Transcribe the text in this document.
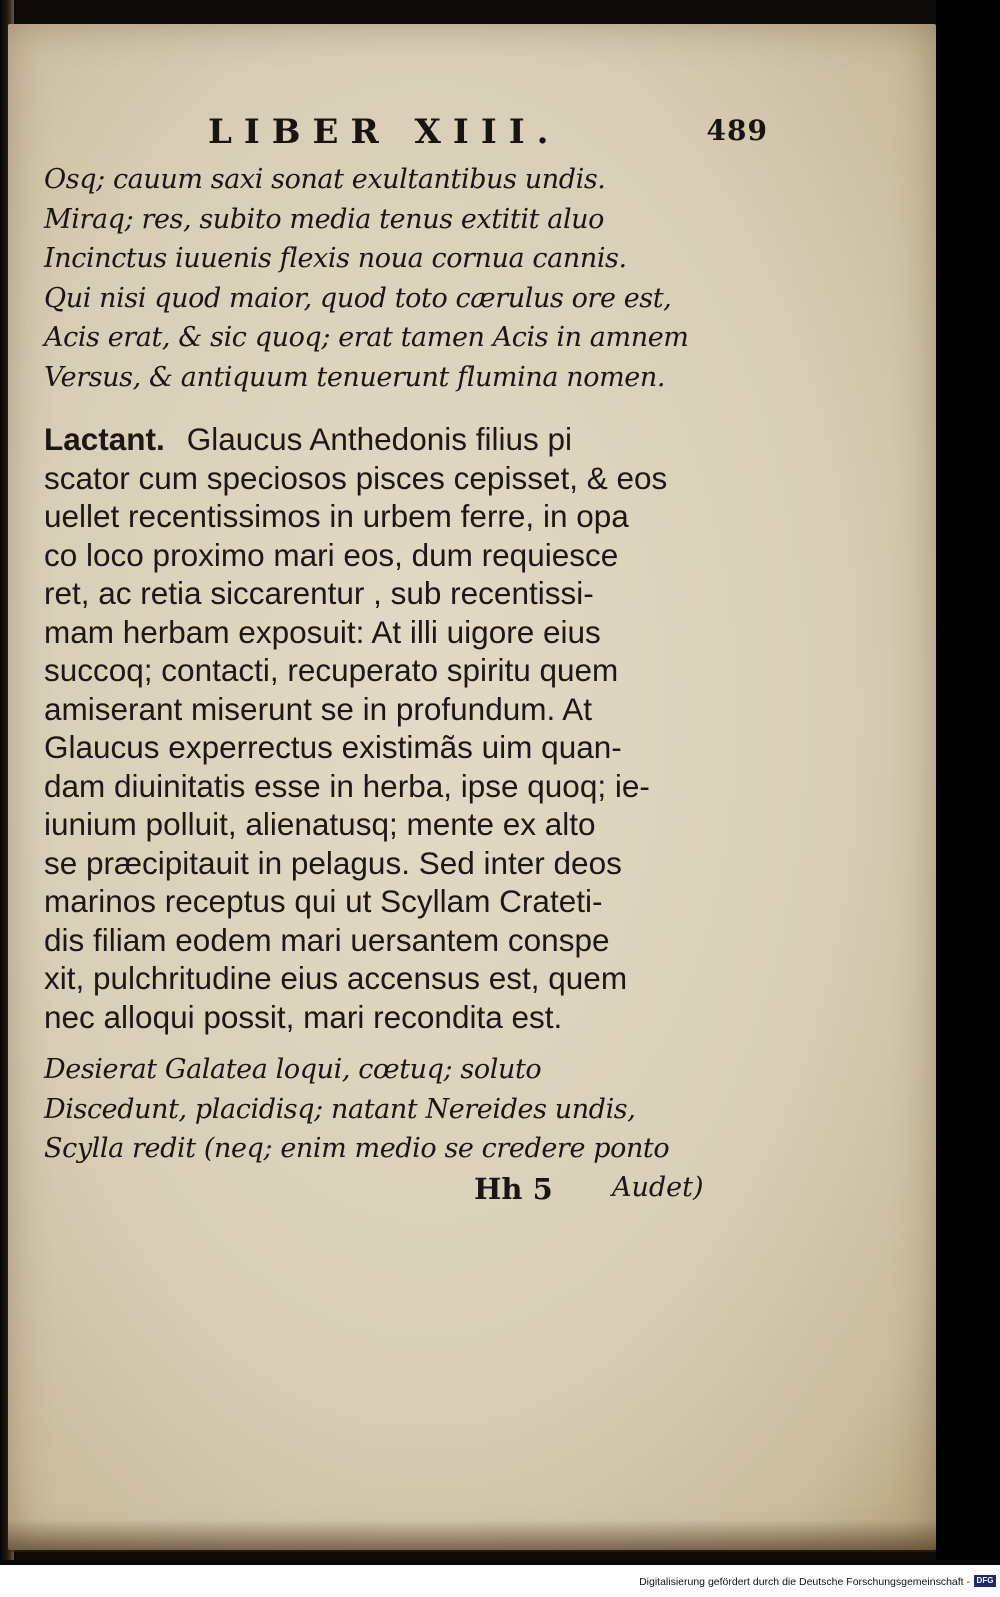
LIBER XIII.	489
Osq; cauum saxi sonat exultantibus undis.
Miraq; res, subito media tenus extitit aluo
Incinctus iuuenis flexis noua cornua cannis.
Qui nisi quod maior, quod toto cærulus ore est,
Acis erat, & sic quoq; erat tamen Acis in amnem
Versus, & antiquum tenuerunt flumina nomen.
Lactant. Glaucus Anthedonis filius pi
scator cum speciosos pisces cepisset, & eos
uellet recentissimos in urbem ferre, in opa
co loco proximo mari eos, dum requiesce
ret, ac retia siccarentur , sub recentissi-
mam herbam exposuit: At illi uigore eius
succoq; contacti, recuperato spiritu quem
amiserant miserunt se in profundum. At
Glaucus experrectus existimãs uim quan-
dam diuinitatis esse in herba, ipse quoq; ie-
iunium polluit, alienatusq; mente ex alto
se præcipitauit in pelagus. Sed inter deos
marinos receptus qui ut Scyllam Crateti-
dis filiam eodem mari uersantem conspe
xit, pulchritudine eius accensus est, quem
nec alloqui possit, mari recondita est.
Desierat Galatea loqui, cœtuq; soluto
Discedunt, placidisq; natant Nereides undis,
Scylla redit (neq; enim medio se credere ponto
Hh 5 Audet)
Digitalisierung gefördert durch die Deutsche Forschungsgemeinschaft - DFG
